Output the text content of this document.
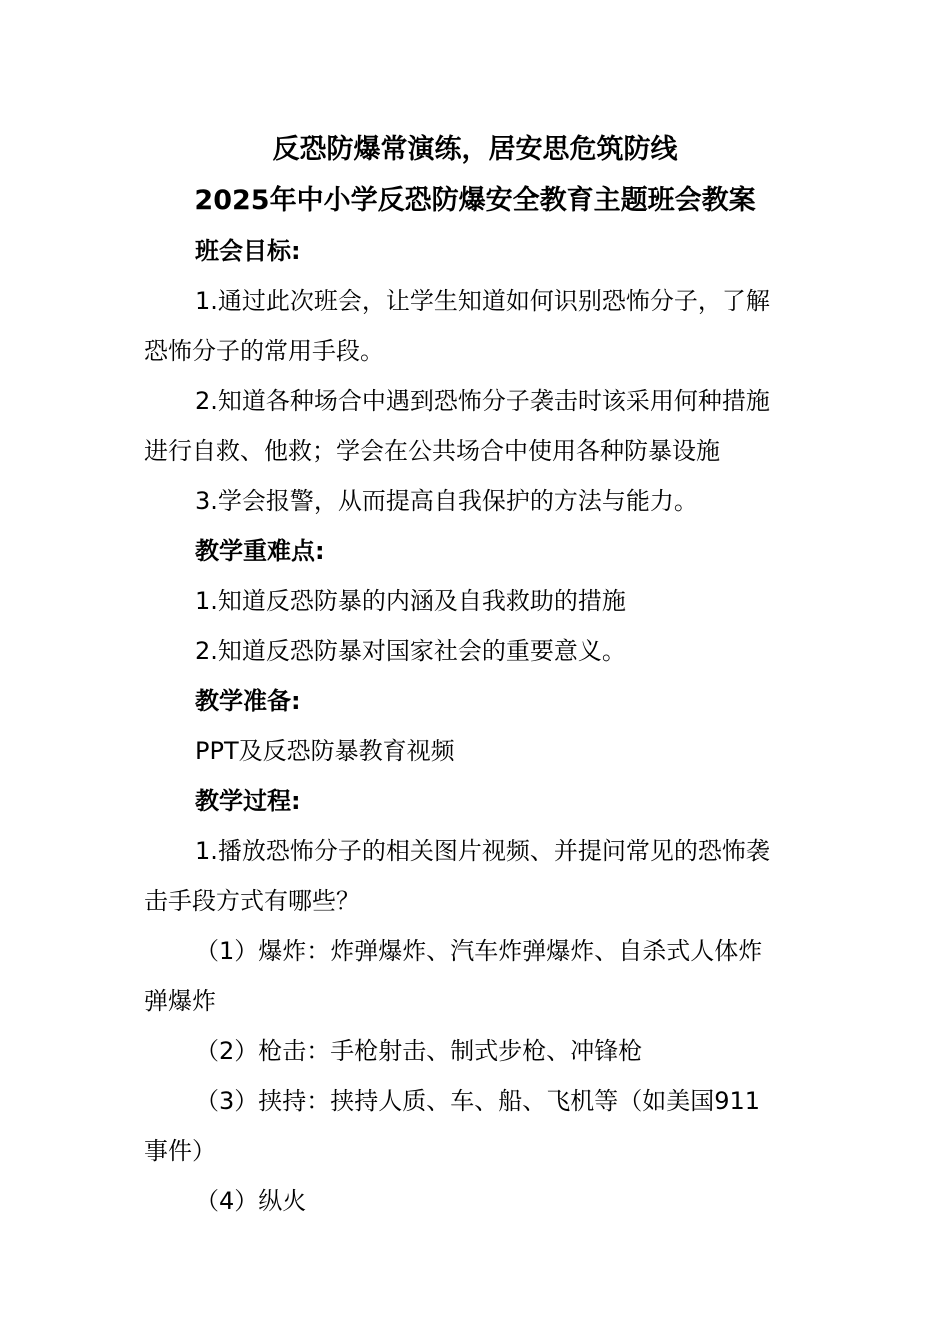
反恐防爆常演练，居安思危筑防线
2025年中小学反恐防爆安全教育主题班会教案
班会目标:
1.通过此次班会，让学生知道如何识别恐怖分子，了解
恐怖分子的常用手段。
2.知道各种场合中遇到恐怖分子袭击时该采用何种措施
进行自救、他救；学会在公共场合中使用各种防暴设施
3.学会报警，从而提高自我保护的方法与能力。
教学重难点:
1.知道反恐防暴的内涵及自我救助的措施
2.知道反恐防暴对国家社会的重要意义。
教学准备:
PPT及反恐防暴教育视频
教学过程:
1.播放恐怖分子的相关图片视频、并提问常见的恐怖袭
击手段方式有哪些？
（1）爆炸：炸弹爆炸、汽车炸弹爆炸、自杀式人体炸
弹爆炸
（2）枪击：手枪射击、制式步枪、冲锋枪
（3）挟持：挟持人质、车、船、飞机等（如美国911
事件）
（4）纵火
